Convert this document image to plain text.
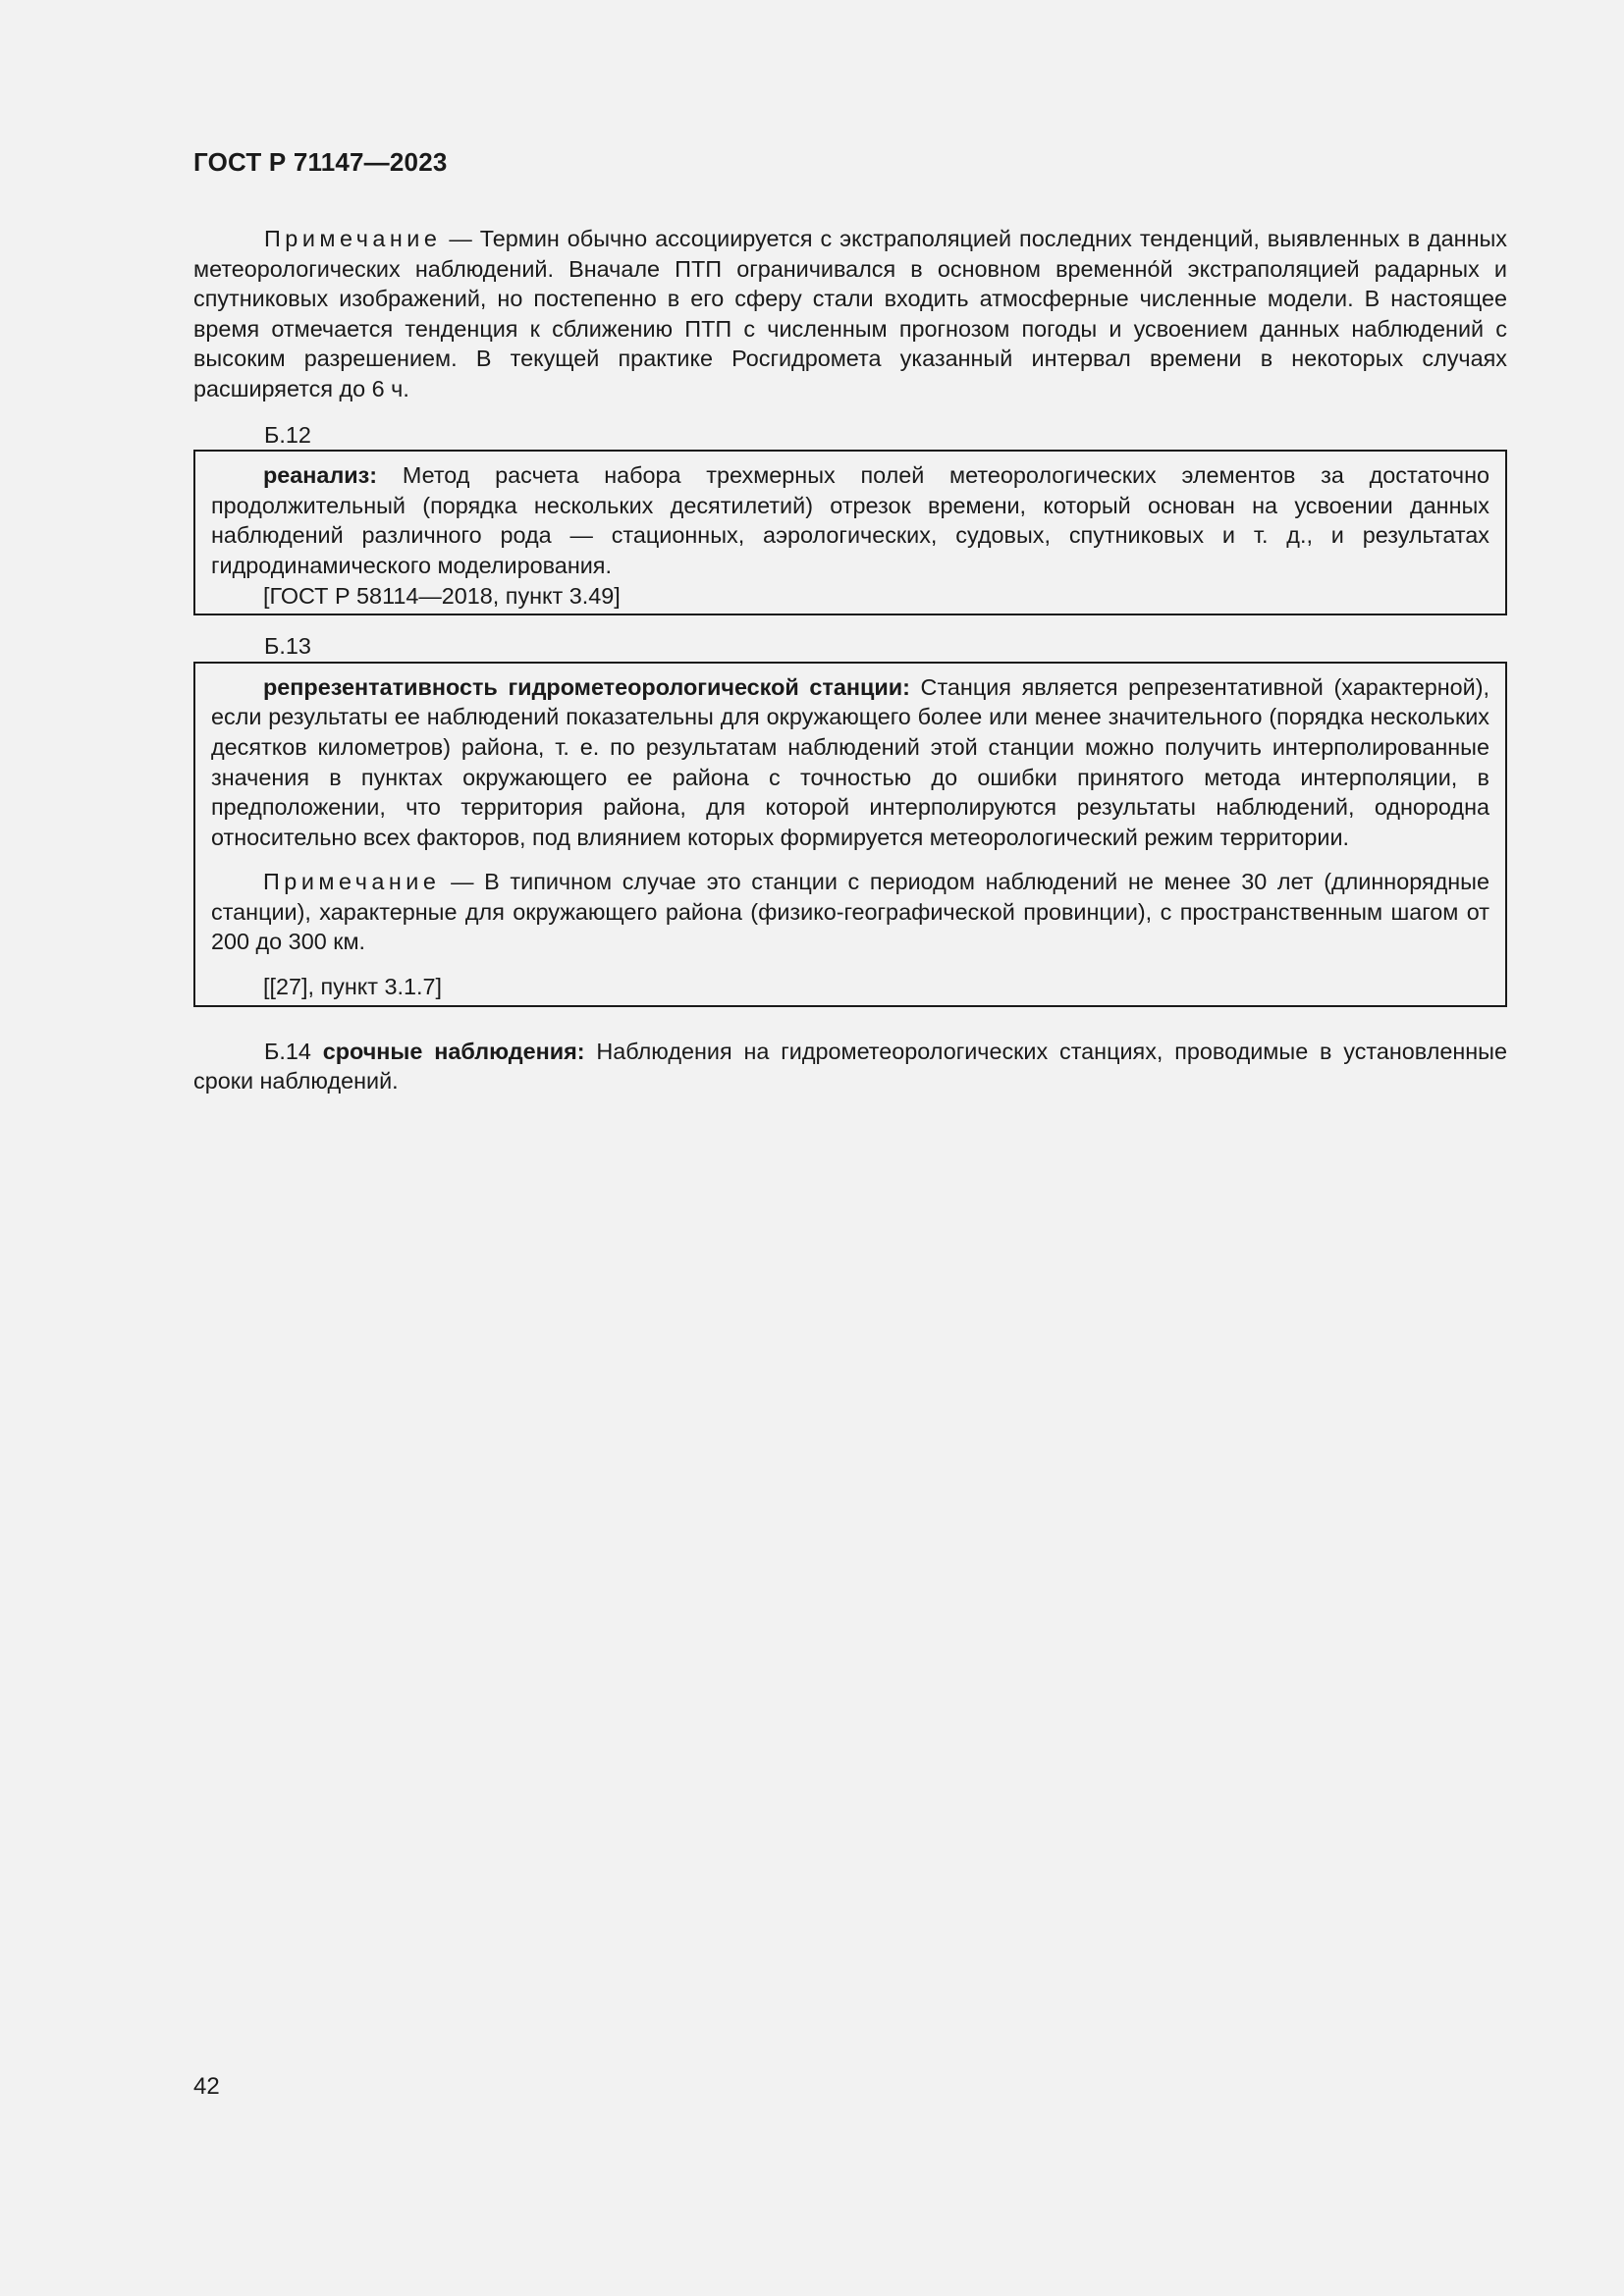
ГОСТ Р 71147—2023

Примечание — Термин обычно ассоциируется с экстраполяцией последних тенденций, выявленных в данных метеорологических наблюдений. Вначале ПТП ограничивался в основном временно́й экстраполяцией радарных и спутниковых изображений, но постепенно в его сферу стали входить атмосферные численные модели. В настоящее время отмечается тенденция к сближению ПТП с численным прогнозом погоды и усвоением данных наблюдений с высоким разрешением. В текущей практике Росгидромета указанный интервал времени в некоторых случаях расширяется до 6 ч.

Б.12

реанализ: Метод расчета набора трехмерных полей метеорологических элементов за достаточно продолжительный (порядка нескольких десятилетий) отрезок времени, который основан на усвоении данных наблюдений различного рода — стационных, аэрологических, судовых, спутниковых и т. д., и результатах гидродинамического моделирования.

[ГОСТ Р 58114—2018, пункт 3.49]
Б.13

репрезентативность гидрометеорологической станции: Станция является репрезентативной (характерной), если результаты ее наблюдений показательны для окружающего более или менее значительного (порядка нескольких десятков километров) района, т. е. по результатам наблюдений этой станции можно получить интерполированные значения в пунктах окружающего ее района с точностью до ошибки принятого метода интерполяции, в предположении, что территория района, для которой интерполируются результаты наблюдений, однородна относительно всех факторов, под влиянием которых формируется метеорологический режим территории.

Примечание — В типичном случае это станции с периодом наблюдений не менее 30 лет (длиннорядные станции), характерные для окружающего района (физико-географической провинции), с пространственным шагом от 200 до 300 км.

[[27], пункт 3.1.7]

Б.14 срочные наблюдения: Наблюдения на гидрометеорологических станциях, проводимые в установленные сроки наблюдений.

42
